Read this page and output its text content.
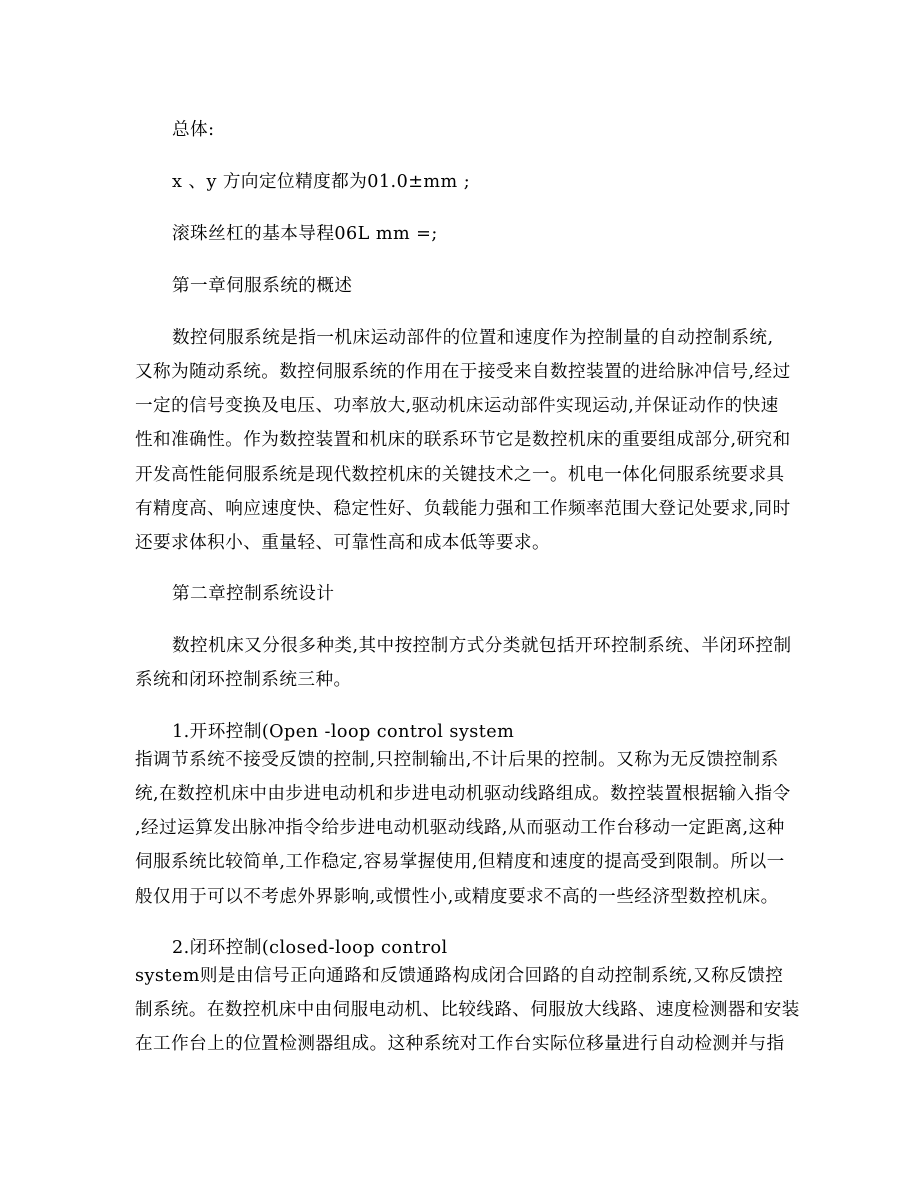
总体:
x 、y 方向定位精度都为01.0±mm ;
滚珠丝杠的基本导程06L mm =;
第一章伺服系统的概述
数控伺服系统是指一机床运动部件的位置和速度作为控制量的自动控制系统,
又称为随动系统。数控伺服系统的作用在于接受来自数控装置的进给脉冲信号,经过
一定的信号变换及电压、功率放大,驱动机床运动部件实现运动,并保证动作的快速
性和准确性。作为数控装置和机床的联系环节它是数控机床的重要组成部分,研究和
开发高性能伺服系统是现代数控机床的关键技术之一。机电一体化伺服系统要求具
有精度高、响应速度快、稳定性好、负载能力强和工作频率范围大登记处要求,同时
还要求体积小、重量轻、可靠性高和成本低等要求。
第二章控制系统设计
数控机床又分很多种类,其中按控制方式分类就包括开环控制系统、半闭环控制
系统和闭环控制系统三种。
1.开环控制(Open -loop control system
指调节系统不接受反馈的控制,只控制输出,不计后果的控制。又称为无反馈控制系
统,在数控机床中由步进电动机和步进电动机驱动线路组成。数控装置根据输入指令
,经过运算发出脉冲指令给步进电动机驱动线路,从而驱动工作台移动一定距离,这种
伺服系统比较简单,工作稳定,容易掌握使用,但精度和速度的提高受到限制。所以一
般仅用于可以不考虑外界影响,或惯性小,或精度要求不高的一些经济型数控机床。
2.闭环控制(closed-loop control
system则是由信号正向通路和反馈通路构成闭合回路的自动控制系统,又称反馈控
制系统。在数控机床中由伺服电动机、比较线路、伺服放大线路、速度检测器和安装
在工作台上的位置检测器组成。这种系统对工作台实际位移量进行自动检测并与指
